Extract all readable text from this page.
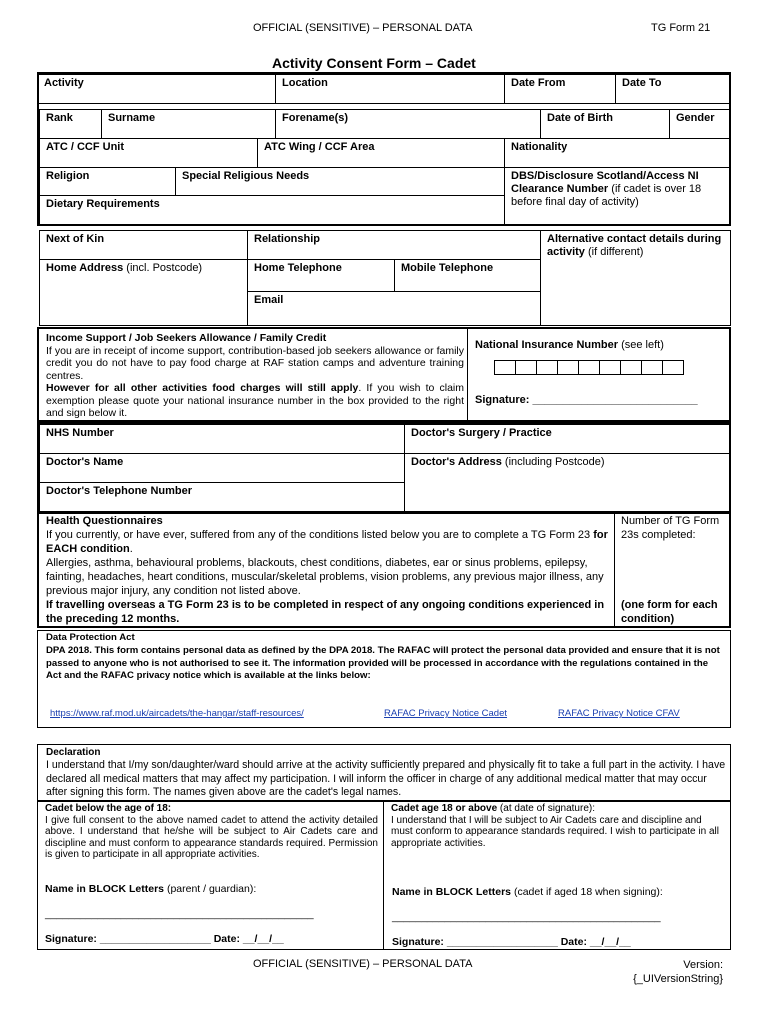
OFFICIAL (SENSITIVE) – PERSONAL DATA	TG Form 21
Activity Consent Form – Cadet
Activity	Location	Date From	Date To
Rank	Surname	Forename(s)	Date of Birth	Gender
ATC / CCF Unit	ATC Wing / CCF Area	Nationality
Religion	Special Religious Needs
Dietary Requirements
DBS/Disclosure Scotland/Access NI Clearance Number (if cadet is over 18 before final day of activity)
Next of Kin	Relationship	Alternative contact details during activity (if different)
Home Address (incl. Postcode)	Home Telephone	Mobile Telephone
Email
Income Support / Job Seekers Allowance / Family Credit
If you are in receipt of income support, contribution-based job seekers allowance or family credit you do not have to pay food charge at RAF station camps and adventure training centres.
However for all other activities food charges will still apply. If you wish to claim exemption please quote your national insurance number in the box provided to the right and sign below it.
National Insurance Number (see left)
Signature: ___________________________
NHS Number	Doctor's Surgery / Practice
Doctor's Name	Doctor's Address (including Postcode)
Doctor's Telephone Number
Health Questionnaires
If you currently, or have ever, suffered from any of the conditions listed below you are to complete a TG Form 23 for EACH condition.
Allergies, asthma, behavioural problems, blackouts, chest conditions, diabetes, ear or sinus problems, epilepsy, fainting, headaches, heart conditions, muscular/skeletal problems, vision problems, any previous major illness, any previous major injury, any condition not listed above.
If travelling overseas a TG Form 23 is to be completed in respect of any ongoing conditions experienced in the preceding 12 months.
Number of TG Form 23s completed:
(one form for each condition)
Data Protection Act
DPA 2018. This form contains personal data as defined by the DPA 2018. The RAFAC will protect the personal data provided and ensure that it is not passed to anyone who is not authorised to see it. The information provided will be processed in accordance with the regulations contained in the Act and the RAFAC privacy notice which is available at the links below:
https://www.raf.mod.uk/aircadets/the-hangar/staff-resources/	RAFAC Privacy Notice Cadet	RAFAC Privacy Notice CFAV
Declaration
I understand that I/my son/daughter/ward should arrive at the activity sufficiently prepared and physically fit to take a full part in the activity. I have declared all medical matters that may affect my participation. I will inform the officer in charge of any additional medical matter that may occur after signing this form. The names given above are the cadet's legal names.
Cadet below the age of 18:
I give full consent to the above named cadet to attend the activity detailed above. I understand that he/she will be subject to Air Cadets care and discipline and must conform to appearance standards required. Permission is given to participate in all appropriate activities.
Name in BLOCK Letters (parent / guardian):
______________________________________________
Signature: ___________________ Date: __/__/__
Cadet age 18 or above (at date of signature):
I understand that I will be subject to Air Cadets care and discipline and must conform to appearance standards required. I wish to participate in all appropriate activities.
Name in BLOCK Letters (cadet if aged 18 when signing):
______________________________________________
Signature: ___________________ Date: __/__/__
OFFICIAL (SENSITIVE) – PERSONAL DATA	Version:
{_UIVersionString}
